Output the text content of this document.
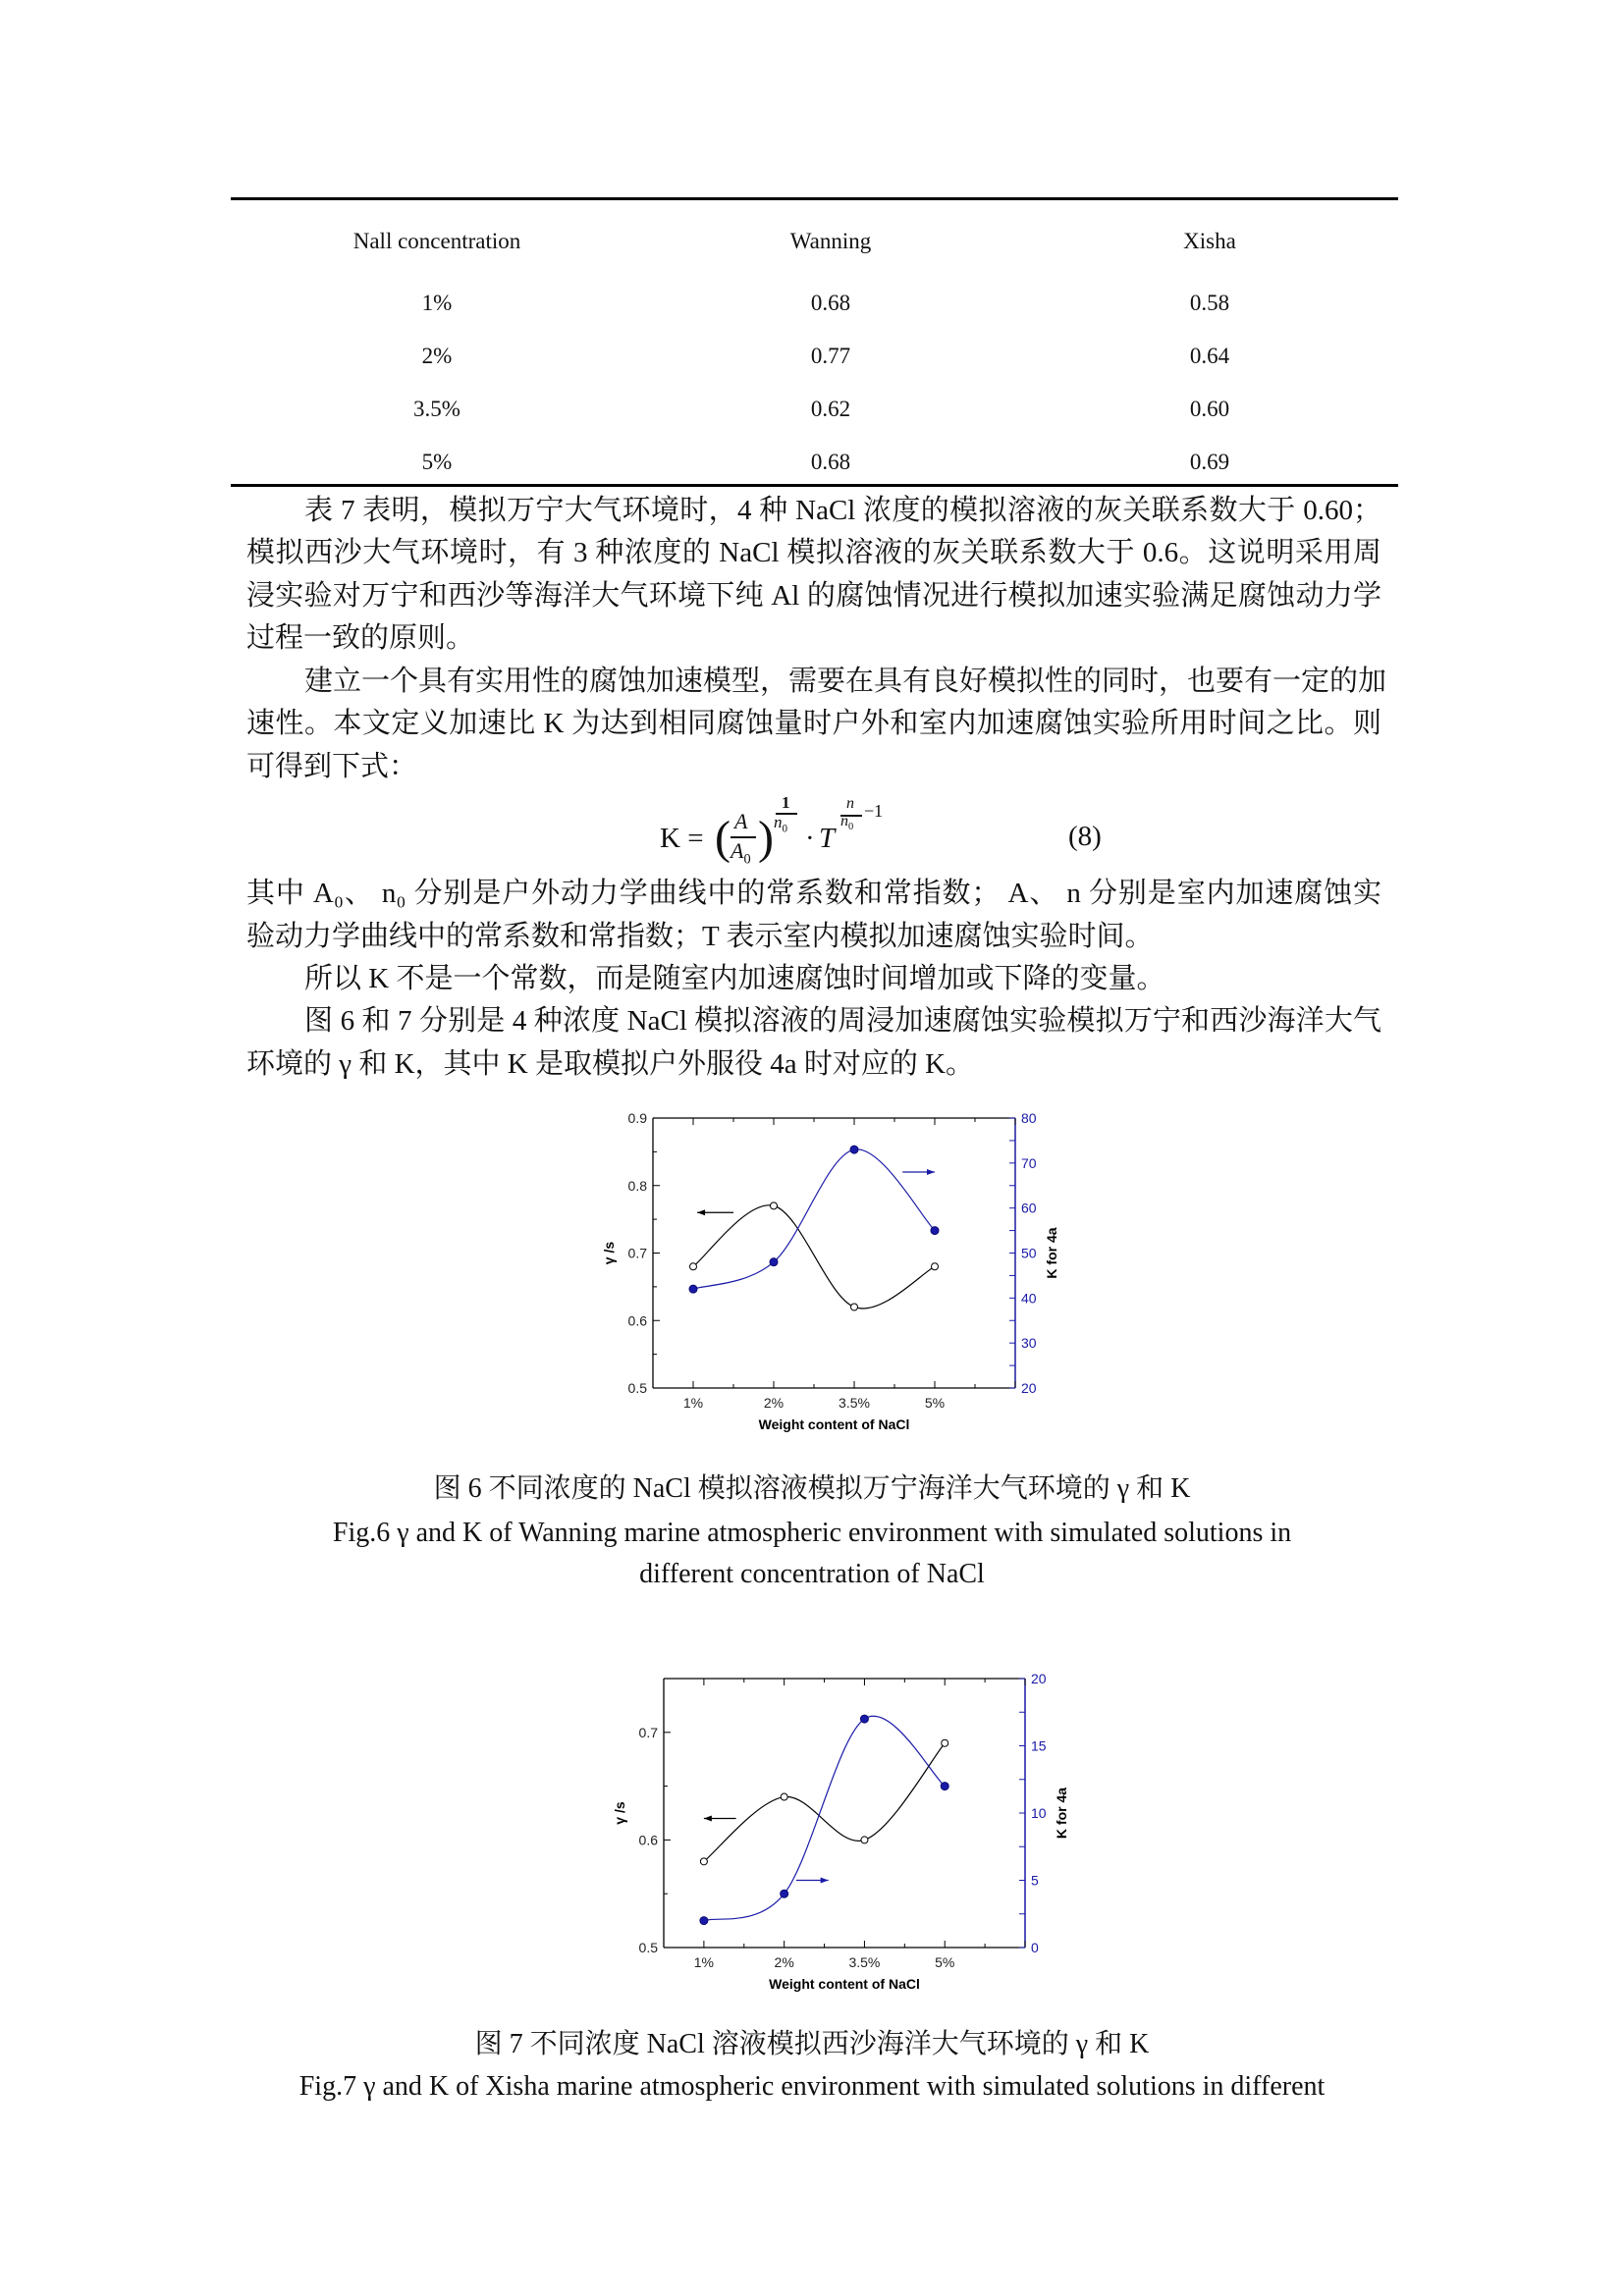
Nall concentration	Wanning	Xisha
1%	0.68	0.58
2%	0.77	0.64
3.5%	0.62	0.60
5%	0.68	0.69
表 7 表明，模拟万宁大气环境时，4 种 NaCl 浓度的模拟溶液的灰关联系数大于 0.60；
模拟西沙大气环境时，有 3 种浓度的 NaCl 模拟溶液的灰关联系数大于 0.6。这说明采用周
浸实验对万宁和西沙等海洋大气环境下纯 Al 的腐蚀情况进行模拟加速实验满足腐蚀动力学
过程一致的原则。
建立一个具有实用性的腐蚀加速模型，需要在具有良好模拟性的同时，也要有一定的加
速性。本文定义加速比 K 为达到相同腐蚀量时户外和室内加速腐蚀实验所用时间之比。则
可得到下式：
K = ( A
$A_0$ )
1
$n_0 \cdot T$
n
$n_0$
−1
(8)
其中 A₀、 n₀ 分别是户外动力学曲线中的常系数和常指数； A、 n 分别是室内加速腐蚀实
验动力学曲线中的常系数和常指数；T 表示室内模拟加速腐蚀实验时间。
所以 K 不是一个常数，而是随室内加速腐蚀时间增加或下降的变量。
图 6 和 7 分别是 4 种浓度 NaCl 模拟溶液的周浸加速腐蚀实验模拟万宁和西沙海洋大气
环境的 γ 和 K，其中 K 是取模拟户外服役 4a 时对应的 K。
1%	2%	3.5%	5%
0.5
0.6
0.7
0.8
0.9
20
30
40
50
60
70
80
Weight content of NaCl
γ /s	K for 4a
1%	2%	3.5%	5%
0.5
0.6
0.7
0
5
10
15
20
Weight content of NaCl
γ /s	K for 4a
图 6 不同浓度的 NaCl 模拟溶液模拟万宁海洋大气环境的 γ 和 K
Fig.6 γ and K of Wanning marine atmospheric environment with simulated solutions in
different concentration of NaCl
图 7 不同浓度 NaCl 溶液模拟西沙海洋大气环境的 γ 和 K
Fig.7 γ and K of Xisha marine atmospheric environment with simulated solutions in different
